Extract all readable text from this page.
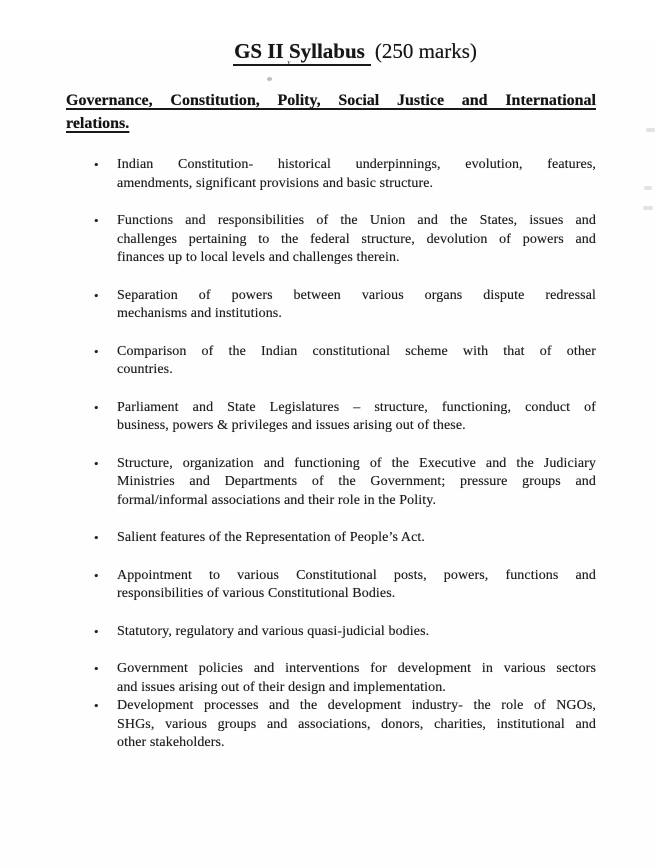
GS II Syllabus (250 marks)
ᵛ
Governance, Constitution, Polity, Social Justice and International
relations.
•	Indian Constitution- historical underpinnings, evolution, features,
amendments, significant provisions and basic structure.
•	Functions and responsibilities of the Union and the States, issues and
challenges pertaining to the federal structure, devolution of powers and
finances up to local levels and challenges therein.
•	Separation of powers between various organs dispute redressal
mechanisms and institutions.
•	Comparison of the Indian constitutional scheme with that of other
countries.
•	Parliament and State Legislatures – structure, functioning, conduct of
business, powers & privileges and issues arising out of these.
•	Structure, organization and functioning of the Executive and the Judiciary
Ministries and Departments of the Government; pressure groups and
formal/informal associations and their role in the Polity.
•	Salient features of the Representation of People’s Act.
•	Appointment to various Constitutional posts, powers, functions and
responsibilities of various Constitutional Bodies.
•	Statutory, regulatory and various quasi-judicial bodies.
•	Government policies and interventions for development in various sectors
and issues arising out of their design and implementation.
•	Development processes and the development industry- the role of NGOs,
SHGs, various groups and associations, donors, charities, institutional and
other stakeholders.
